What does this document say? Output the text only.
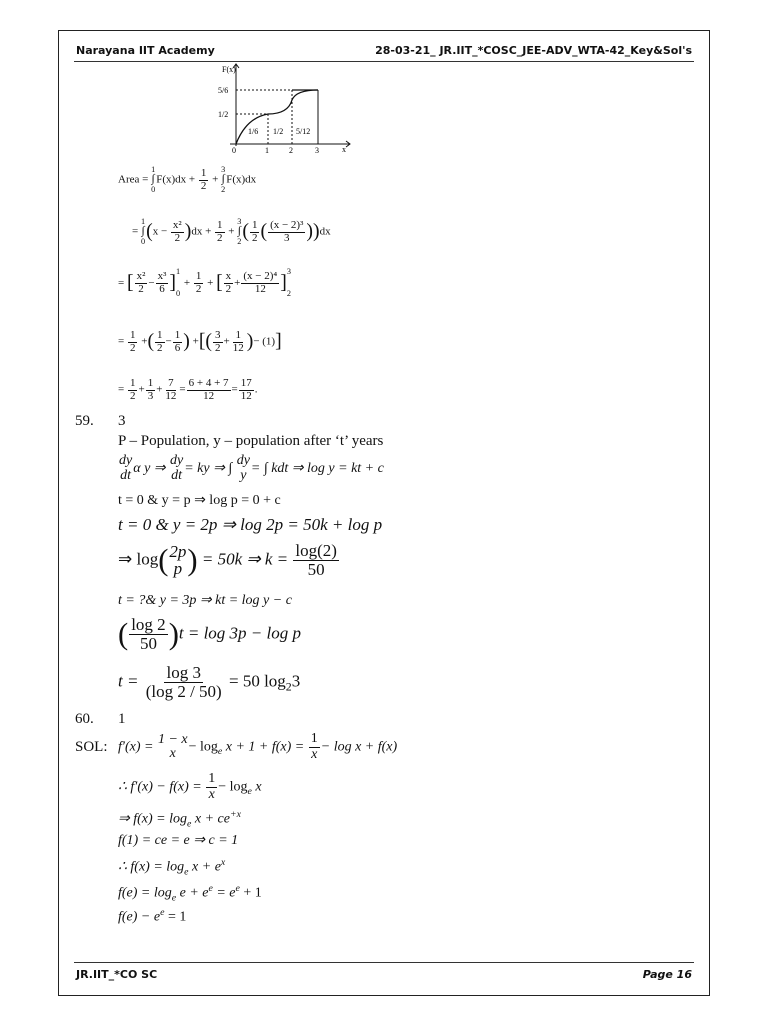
Narayana IIT Academy	28-03-21_ JR.IIT_*COSC_JEE-ADV_WTA-42_Key&Sol's
F(x)
5/6
1/2
0	1	2	3	x
1/6 1/2 5/12
Area =
1
∫
0
$F(x)dx + \frac{1}{2}$ +
3
∫
2
F(x)dx
=
1
∫
0 $(x - \frac{\text{x²}}{2} )dx + \frac{1}{2}$ +
3
∫
2 ( $\frac{1}{2}$ ( $\frac{\text{(x − 2)³}}{3} ))dx$
= [ $\frac{\text{x²}}{2} - \frac{\text{x³}}{6}$ ] 1
0
+ $\frac{1}{2}$ + [ $\frac{x}{2} + \frac{\text{(x − 2)⁴}}{12}$ ] 3
2
= $\frac{1}{2}$ +( $\frac{1}{2} - \frac{1}{6}$ ) +[( $\frac{3}{2} + \frac{1}{12}$ )− (1)]
= $\frac{1}{2} + \frac{1}{3} + \frac{7}{12} = \frac{6 + 4 + 7}{12} = \frac{17}{12}$ .
59. 3
P – Population, y – population after ‘t’ years
dy
dt α y ⇒
dy
dt = ky ⇒ ∫
dy
y = ∫ kdt ⇒ log y = kt + c
t = 0 & y = p ⇒ log p = 0 + c
t = 0 & y = 2p ⇒ log 2p = 50k + log p
⇒ log( 2p
p ) = 50k ⇒ $k = \frac{\log(2)}{50}$
t = ?& y = 3p ⇒ kt = log y − c
( $\frac{\log 2}{50} )t = \log 3p - \log p$
$t = \frac{\log 3}{(\log 2 / 50)} = 50$ $\log_23$
60. 1
SOL: f′(x) =
1 − x
$x - \log_e x + 1 + f(x) = \frac{1}{x} - \log x + f(x)$
∴ $f'(x) - f(x) = \frac{1}{x} - \log_e x$
⇒ $f(x) = \log_e x + ce^{+x}$
f(1) = ce = e ⇒ c = 1
∴ $f(x) = \log_e x + e^x$
$f(e) = \log_e e + e^e = e^e + 1$
$f(e) - e^e = 1$
JR.IIT_*CO SC	Page 16
